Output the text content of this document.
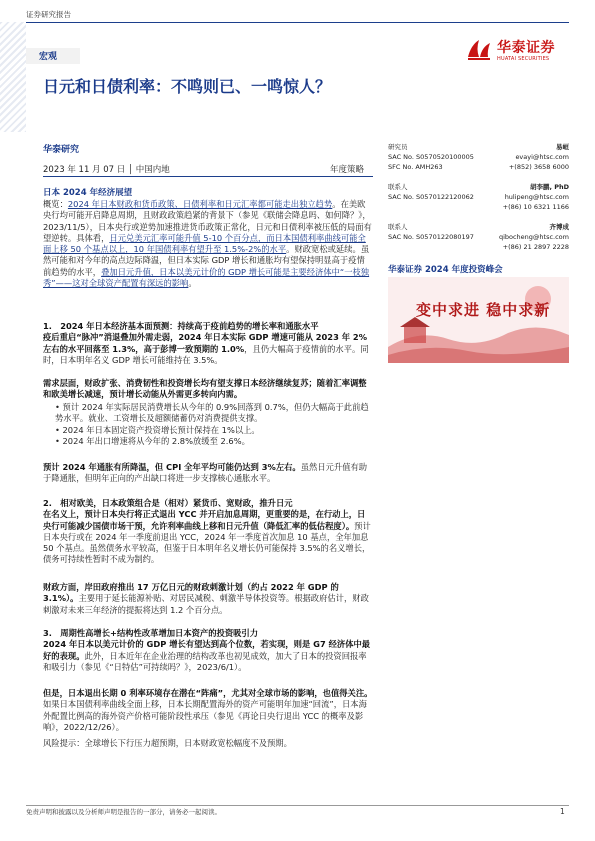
证券研究报告
宏观
华泰证券
HUATAI SECURITIES
日元和日债利率：不鸣则已、一鸣惊人？
华泰研究
2023 年 11 月 07 日 │ 中国内地	年度策略
日本 2024 年经济展望
概览：2024 年日本财政和货币政策、日债利率和日元汇率都可能走出独立趋势。在美欧央行均可能开启降息周期，且财政政策趋紧的背景下（参见《联储会降息吗、如何降？》，2023/11/5），日本央行或逆势加速推进货币政策正常化，日元和日债利率被压低的局面有望逆转。具体看，日元兑美元汇率可能升值 5-10 个百分点，而日本国债利率曲线可能全面上移 50 个基点以上，10 年国债利率有望升至 1.5%-2%的水平。财政宽松或延续。虽然可能和对今年的高点边际降温，但日本实际 GDP 增长和通胀均有望保持明显高于疫情前趋势的水平，叠加日元升值，日本以美元计价的 GDP 增长可能是主要经济体中“一枝独秀”——这对全球资产配置有深远的影响。
1.　2024 年日本经济基本面预测：持续高于疫前趋势的增长率和通胀水平
疫后重启“脉冲”消退叠加外需走弱，2024 年日本实际 GDP 增速可能从 2023 年 2%左右的水平回落至 1.3%，高于彭博一致预期的 1.0%，且仍大幅高于疫情前的水平。同时，日本明年名义 GDP 增长可能维持在 3.5%。
需求层面，财政扩张、消费韧性和投资增长均有望支撑日本经济继续复苏；随着汇率调整和欧美增长减速，预计增长动能从外需更多转向内需。
• 预计 2024 年实际居民消费增长从今年的 0.9%回落到 0.7%，但仍大幅高于此前趋势水平。就业、工资增长及超额储蓄仍对消费提供支撑。
• 2024 年日本固定资产投资增长预计保持在 1%以上。
• 2024 年出口增速将从今年的 2.8%放缓至 2.6%。
预计 2024 年通胀有所降温，但 CPI 全年平均可能仍达到 3%左右。虽然日元升值有助于降通胀，但明年正向的产出缺口将进一步支撑核心通胀水平。
2.　相对欧美，日本政策组合是（相对）紧货币、宽财政，推升日元
在名义上，预计日本央行将正式退出 YCC 并开启加息周期，更重要的是，在行动上，日央行可能减少国债市场干预，允许利率曲线上移和日元升值（降低汇率的低估程度）。预计日本央行或在 2024 年一季度前退出 YCC，2024 年一季度首次加息 10 基点，全年加息 50 个基点。虽然债务水平较高，但鉴于日本明年名义增长仍可能保持 3.5%的名义增长，债务可持续性暂时不成为制约。
财政方面，岸田政府推出 17 万亿日元的财政刺激计划（约占 2022 年 GDP 的 3.1%）。主要用于延长能源补贴、对居民减税、刺激半导体投资等。根据政府估计，财政刺激对未来三年经济的提振将达到 1.2 个百分点。
3.　周期性高增长+结构性改革增加日本资产的投资吸引力
2024 年日本以美元计价的 GDP 增长有望达到高个位数，若实现，则是 G7 经济体中最好的表现。此外，日本近年在企业治理的结构改革也初见成效，加大了日本的投资回报率和吸引力（参见《“日特估”可持续吗？》，2023/6/1）。
但是，日本退出长期 0 利率环境存在潜在“阵痛”，尤其对全球市场的影响，也值得关注。如果日本国债利率曲线全面上移，日本长期配置海外的资产可能明年加速“回流”，日本海外配置比例高的海外资产价格可能阶段性承压（参见《再论日央行退出 YCC 的概率及影响》，2022/12/26）。
风险提示：全球增长下行压力超预期，日本财政宽松幅度不及预期。
研究员	易峘
SAC No. S0570520100005	evayi@htsc.com
SFC No. AMH263	+(852) 3658 6000
联系人	胡李鹏, PhD
SAC No. S0570122120062	hulipeng@htsc.com
+(86) 10 6321 1166
联系人	齐博成
SAC No. S0570122080197	qibocheng@htsc.com
+(86) 21 2897 2228
华泰证券 2024 年度投资峰会
变中求进 稳中求新
免责声明和披露以及分析师声明是报告的一部分，请务必一起阅读。	1
